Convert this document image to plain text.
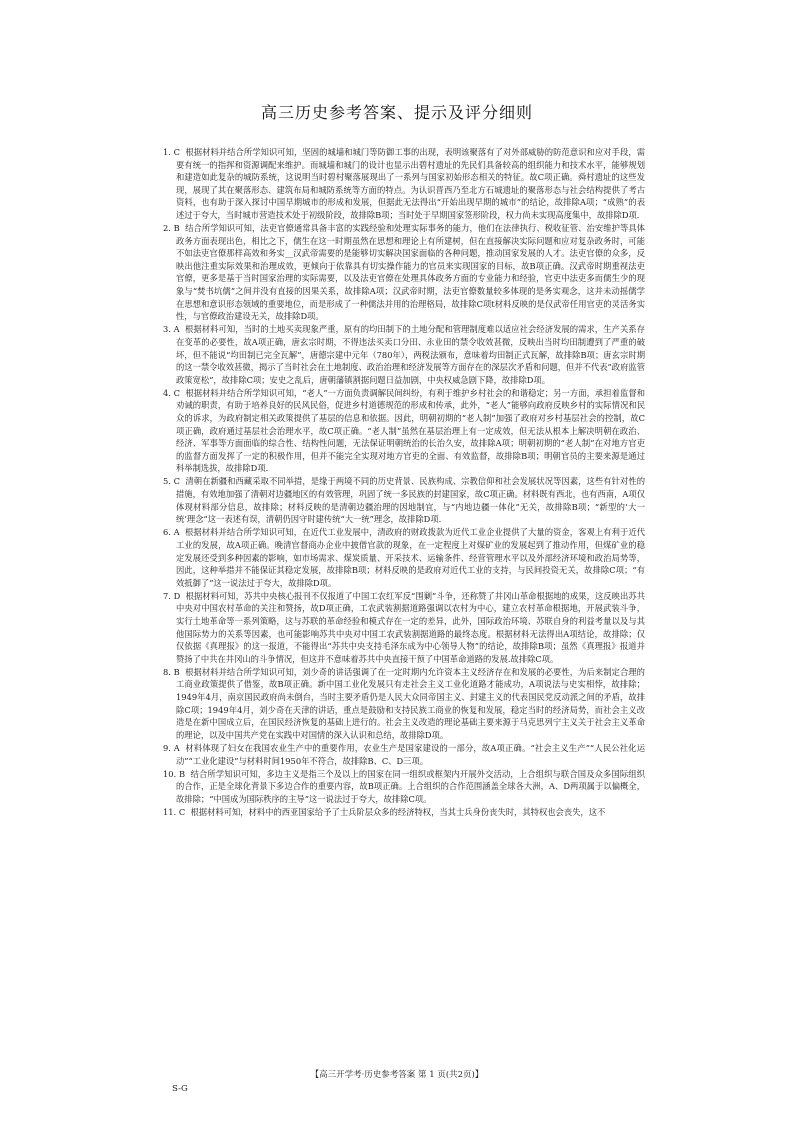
高三历史参考答案、提示及评分细则

1. C 根据材料并结合所学知识可知，坚固的城墙和城门等防御工事的出现，表明该聚落有了对外部威胁的防范意识和应对手段，需要有统一的指挥和资源调配来维护。而城墙和城门的设计也显示出碧村遗址的先民们具备较高的组织能力和技术水平，能够规划和建造如此复杂的城防系统，这说明当时碧村聚落展现出了一系列与国家初始形态相关的特征。故C项正确。舜村遗址的这些发现，展现了其在聚落形态、建筑布局和城防系统等方面的特点。为认识晋西乃至北方石城遗址的聚落形态与社会结构提供了考古资料，也有助于深入探讨中国早期城市的形成和发展，但据此无法得出“开始出现早期的城市”的结论，故排除A项；“成熟”的表述过于夸大，当时城市营造技术处于初级阶段，故排除B项；当时处于早期国家签形阶段，权力尚未实现高度集中，故排除D项.

2. B 结合所学知识可知，法吏官僚通常具备丰富的实践经验和处理实际事务的能力，他们在法律执行、税收征管、治安维护等具体政务方面表现出色，相比之下，儒生在这一时期虽然在思想和理论上有所建树，但在直接解决实际问题和应对复杂政务时，可能不如法吏官僚那样高效和务实__汉武帝需要的是能够切实解决国家面临的各种问题，推动国家发展的人才。法吏官僚的众多，反映出他注重实际效果和治理成效，更倾向于依靠具有切实操作能力的官员来实现国家的目标，故B项正确。汉武帝时期重视法吏官僚，更多是基于当时国家治理的实际需要，以及法吏官僚在处理具体政务方面的专业能力和经验，官吏中法吏多而儒生少的现象与“焚书坑儒”之间并没有直接的因果关系，故排除A项；汉武帝时期，法吏官僚数量较多体现的是务实观念，这并未动摇儒学在思想和意识形态领域的重要地位，而是形成了一种儒法并用的治理格局，故排除C项t材料反映的是仅武帝任用官吏的灵活务实性，与官僚政治建设无关，故排除D项。

3. A 根据材料可知，当时的土地买卖现象严重，原有的均田制下的土地分配和管理制度难以适应社会经济发展的需求，生产关系存在变革的必要性，故A项正确，唐玄宗时期，不得违法买卖口分田、永业田的禁令收效甚微，反映出当时均田制遭到了严重的破坏，但不能说“均田制已完全瓦解”，唐德宗建中元年（780年），两税法颁布，意味着均田制正式瓦解，故排除B项；唐玄宗时期的这一禁令收效甚微，揭示了当时社会在土地制度、政治治理和经济发展等方面存在的深层次矛盾和问题，但并不代表”政府监管政策宽松”，故排除C项；安史之乱后，唐朝藩镇割据问题日益加剧，中央权威急剧下降，故排除D项。

4. C 根据材料并结合所学知识可知，“老人”一方面负责调解民间纠纷，有利于维护乡村社会的和谐稳定；另一方面，承担着监督和劝诫的职责，有助于培养良好的民风民俗，促进乡村道德规范的形成和传承，此外，“老人”能够向政府反映乡村的实际情况和民众的诉求，为政府制定相关政策提供了基层的信息和依据。因此，明朝初期的“老人制”加强了政府对乡村基层社会的控制，故C项正确，政府通过基层社会治理水平，故C项正确。“老人制”虽然在基层治理上有一定成效，但无法从根本上解决明朝在政治、经济、军事等方面面临的综合性、结构性问题，无法保证明朝统治的长治久安，故排除A项；明朝初期的“老人制”在对地方官吏的监督方面发挥了一定的积极作用，但并不能完全实现对地方官吏的全面、有效监督，故排除B项；明朝官员的主要来源是通过科举制选拔，故排除D项.

5. C 清朝在新疆和西藏采取不同举措，是缘于两境不同的历史背景、民族构成、宗教信仰和社会发展状况等因素，这些有针对性的措施，有效地加强了清朝对边疆地区的有效管理，巩固了统一多民族的封建国家，故C项正确。材料既有西北，也有西南，A项仅体现材料部分信息，故排除；材料反映的是清朝边疆治理的因地制宜，与“内地边疆一体化”无关，故排除B项；“新型的‘大一统’理念”这一表述有误，清朝仍因守时建传统“大一统”理念，故排除D项.

6. A 根据材料并结合所学知识可知，在近代工业发展中，清政府的财政拨款为近代工业企业提供了大量的资金，客观上有利于近代工业的发展，故A项正确。晚清官督商办企业中披借官款的现象，在一定程度上对煤矿业的发展起到了推动作用，但煤矿业的稳定发展还受到多种因素的影响，如市场需求、煤炭质量、开采技术、运输条件、经营管理水平以及外部经济环境和政治局势等，因此，这种举措并不能保证其稳定发展，故排除B项；材料反映的是政府对近代工业的支持，与民间投资无关，故排除C项；“有效抵御了”这一说法过于夸大，故排除D项。

7. D 根据材料可知，苏共中央核心报刊不仅报道了中国工农红军反“围剿”斗争，还称赞了井冈山革命根据地的成果，这反映出苏共中央对中国农村革命的关注和赞扬，故D项正确，工农武装割据道路强调以农村为中心，建立农村革命根据地，开展武装斗争，实行土地革命等一系列策略，这与苏联的革命经验和模式存在一定的差异，此外，国际政治环境、苏联自身的利益考量以及与其他国际势力的关系等因素，也可能影响苏共中央对中国工农武装割据道路的最终态度。根据材料无法得出A项结论，故排除；仅仅依据《真理报》的这一报道，不能得出“苏共中央支持毛泽东成为中心领导人物”的结论，故排除B项；虽然《真理报》报道并赞扬了中共在井冈山的斗争情况，但这并不意味着苏共中央直接干预了中国革命道路的发展.故排除C项。

8. B 根据材料并结合所学知识可知，刘少奇的讲话强调了在一定时期内允许资本主义经济存在和发展的必要性，为后来制定合理的工商业政策提供了借鉴，故B项正确。新中国工业化发展只有走社会主义工业化道路才能成功，A项说法与史实相悖，故排除；1949年4月，南京国民政府尚未倒台，当时主要矛盾仍是人民大众同帝国主义、封建主义的代表国民党反动派之间的矛盾，故排除C项；1949年4月，刘少奇在天津的讲话，重点是鼓励和支持民族工商业的恢复和发展，稳定当时的经济局势，而社会主义改造是在新中国成立后，在国民经济恢复的基础上进行的。社会主义改造的理论基础主要来源于马克思列宁主义关于社会主义革命的理论，以及中国共产党在实践中对国情的深入认识和总结，故排除D项。

9. A 材料体现了妇女在我国农业生产中的重要作用，农业生产是国家建设的一部分，故A项正确。“社会主义生产”“人民公社化运动”“工业化建设”与材料时间1950年不符合，故排除B、C、D三项。

10. B 结合所学知识可知，多边主义是指三个及以上的国家在同一组织或框架内开展外交活动，上合组织与联合国及众多国际组织的合作，正是全球化背景下多边合作的重要内容，故B项正确。上合组织的合作范围涵盖全球各大洲，A、D两项属于以偏概全，故排除；“中国成为国际秩序的主导”这一说法过于夸大，故排除C项。

11. C 根据材料可知，材料中的西亚国家给予了士兵阶层众多的经济特权，当其士兵身份丧失时，其特权也会丧失，这不

【高三开学考·历史参考答案 第 1 页(共2页)】
S-G
